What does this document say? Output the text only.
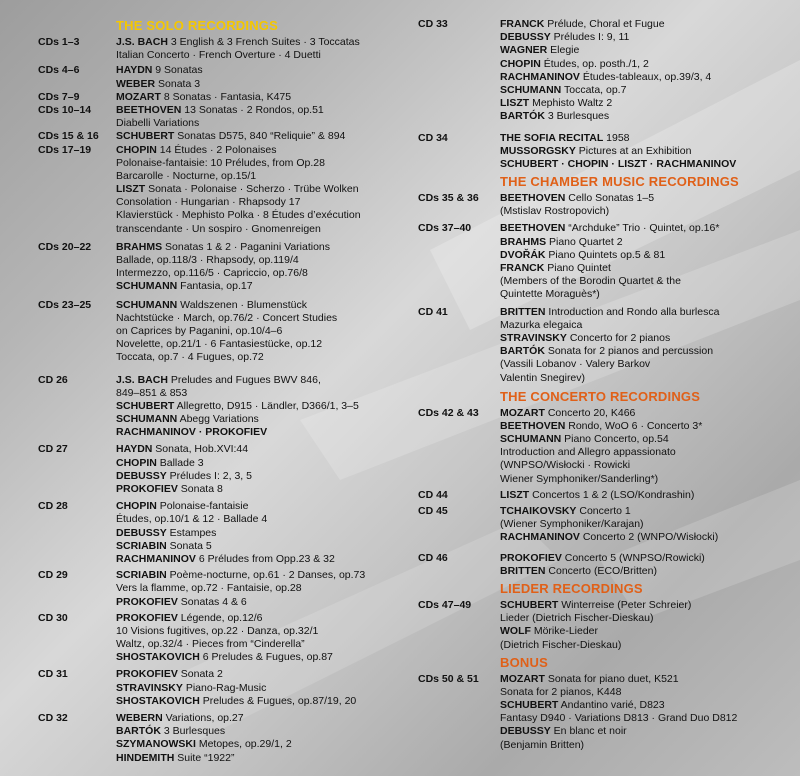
THE SOLO RECORDINGS
CDs 1–3	J.S. BACH 3 English & 3 French Suites · 3 Toccatas
Italian Concerto · French Overture · 4 Duetti
CDs 4–6	HAYDN 9 Sonatas
WEBER Sonata 3
CDs 7–9	MOZART 8 Sonatas · Fantasia, K475
CDs 10–14 BEETHOVEN 13 Sonatas · 2 Rondos, op.51
Diabelli Variations
CDs 15 & 16 SCHUBERT Sonatas D575, 840 “Reliquie” & 894
CDs 17–19 CHOPIN 14 Études · 2 Polonaises
Polonaise-fantaisie: 10 Préludes, from Op.28
Barcarolle · Nocturne, op.15/1
LISZT Sonata · Polonaise · Scherzo · Trübe Wolken
Consolation · Hungarian · Rhapsody 17
Klavierstück · Mephisto Polka · 8 Études d’exécution
transcendante · Un sospiro · Gnomenreigen
CDs 20–22 BRAHMS Sonatas 1 & 2 · Paganini Variations
Ballade, op.118/3 · Rhapsody, op.119/4
Intermezzo, op.116/5 · Capriccio, op.76/8
SCHUMANN Fantasia, op.17
CDs 23–25 SCHUMANN Waldszenen · Blumenstück
Nachtstücke · March, op.76/2 · Concert Studies
on Caprices by Paganini, op.10/4–6
Novelette, op.21/1 · 6 Fantasiestücke, op.12
Toccata, op.7 · 4 Fugues, op.72
CD 26	J.S. BACH Preludes and Fugues BWV 846,
849–851 & 853
SCHUBERT Allegretto, D915 · Ländler, D366/1, 3–5
SCHUMANN Abegg Variations
RACHMANINOV · PROKOFIEV
CD 27	HAYDN Sonata, Hob.XVI:44
CHOPIN Ballade 3
DEBUSSY Préludes I: 2, 3, 5
PROKOFIEV Sonata 8
CD 28	CHOPIN Polonaise-fantaisie
Études, op.10/1 & 12 · Ballade 4
DEBUSSY Estampes
SCRIABIN Sonata 5
RACHMANINOV 6 Préludes from Opp.23 & 32
CD 29	SCRIABIN Poème-nocturne, op.61 · 2 Danses, op.73
Vers la flamme, op.72 · Fantaisie, op.28
PROKOFIEV Sonatas 4 & 6
CD 30	PROKOFIEV Légende, op.12/6
10 Visions fugitives, op.22 · Danza, op.32/1
Waltz, op.32/4 · Pieces from “Cinderella”
SHOSTAKOVICH 6 Preludes & Fugues, op.87
CD 31	PROKOFIEV Sonata 2
STRAVINSKY Piano-Rag-Music
SHOSTAKOVICH Preludes & Fugues, op.87/19, 20
CD 32	WEBERN Variations, op.27
BARTÓK 3 Burlesques
SZYMANOWSKI Metopes, op.29/1, 2
HINDEMITH Suite “1922”
CD 33	FRANCK Prélude, Choral et Fugue
DEBUSSY Préludes I: 9, 11
WAGNER Elegie
CHOPIN Études, op. posth./1, 2
RACHMANINOV Études-tableaux, op.39/3, 4
SCHUMANN Toccata, op.7
LISZT Mephisto Waltz 2
BARTÓK 3 Burlesques
CD 34	THE SOFIA RECITAL 1958
MUSSORGSKY Pictures at an Exhibition
SCHUBERT · CHOPIN · LISZT · RACHMANINOV
THE CHAMBER MUSIC RECORDINGS
CDs 35 & 36 BEETHOVEN Cello Sonatas 1–5
(Mstislav Rostropovich)
CDs 37–40	BEETHOVEN “Archduke” Trio · Quintet, op.16*
BRAHMS Piano Quartet 2
DVOŘÁK Piano Quintets op.5 & 81
FRANCK Piano Quintet
(Members of the Borodin Quartet & the
Quintette Moraguès*)
CD 41	BRITTEN Introduction and Rondo alla burlesca
Mazurka elegaica
STRAVINSKY Concerto for 2 pianos
BARTÓK Sonata for 2 pianos and percussion
(Vassili Lobanov · Valery Barkov
Valentin Snegirev)
THE CONCERTO RECORDINGS
CDs 42 & 43 MOZART Concerto 20, K466
BEETHOVEN Rondo, WoO 6 · Concerto 3*
SCHUMANN Piano Concerto, op.54
Introduction and Allegro appassionato
(WNPSO/Wisłocki · Rowicki
Wiener Symphoniker/Sanderling*)
CD 44	LISZT Concertos 1 & 2 (LSO/Kondrashin)
CD 45	TCHAIKOVSKY Concerto 1
(Wiener Symphoniker/Karajan)
RACHMANINOV Concerto 2 (WNPO/Wisłocki)
CD 46	PROKOFIEV Concerto 5 (WNPSO/Rowicki)
BRITTEN Concerto (ECO/Britten)
LIEDER RECORDINGS
CDs 47–49	SCHUBERT Winterreise (Peter Schreier)
Lieder (Dietrich Fischer-Dieskau)
WOLF Mörike-Lieder
(Dietrich Fischer-Dieskau)
BONUS
CDs 50 & 51 MOZART Sonata for piano duet, K521
Sonata for 2 pianos, K448
SCHUBERT Andantino varié, D823
Fantasy D940 · Variations D813 · Grand Duo D812
DEBUSSY En blanc et noir
(Benjamin Britten)
